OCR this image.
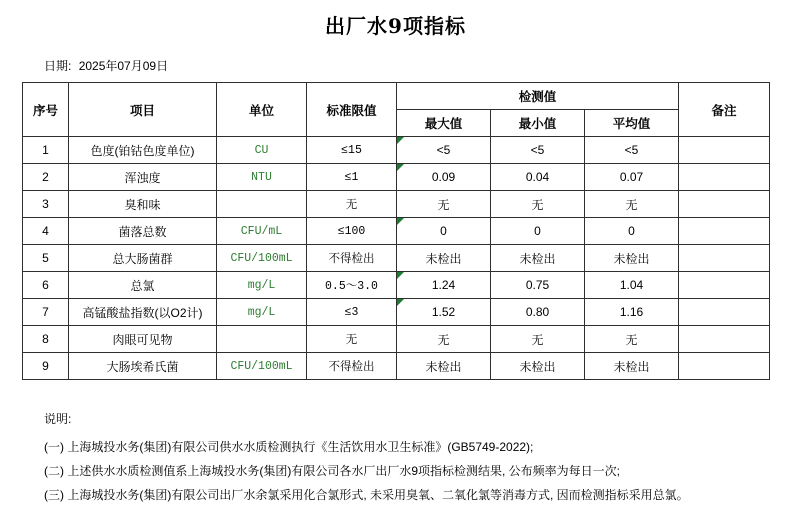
出厂水9项指标
日期: 2025年07月09日
序号	项目	单位	标准限值	检测值			备注
				最大值	最小值	平均值	
1	色度(铂钴色度单位)	CU	≤15	<5	<5	<5	
2	浑浊度	NTU	≤1	0.09	0.04	0.07	
3	臭和味		无	无	无	无	
4	菌落总数	CFU/mL	≤100	0	0	0	
5	总大肠菌群	CFU/100mL	不得检出	未检出	未检出	未检出	
6	总氯	mg/L	0.5～3.0	1.24	0.75	1.04	
7	高锰酸盐指数(以O2计)	mg/L	≤3	1.52	0.80	1.16	
8	肉眼可见物		无	无	无	无	
9	大肠埃希氏菌	CFU/100mL	不得检出	未检出	未检出	未检出	
说明:

(一) 上海城投水务(集团)有限公司供水水质检测执行《生活饮用水卫生标准》(GB5749-2022);

(二) 上述供水水质检测值系上海城投水务(集团)有限公司各水厂出厂水9项指标检测结果, 公布频率为每日一次;

(三) 上海城投水务(集团)有限公司出厂水余氯采用化合氯形式, 未采用臭氧、二氧化氯等消毒方式, 因而检测指标采用总氯。
